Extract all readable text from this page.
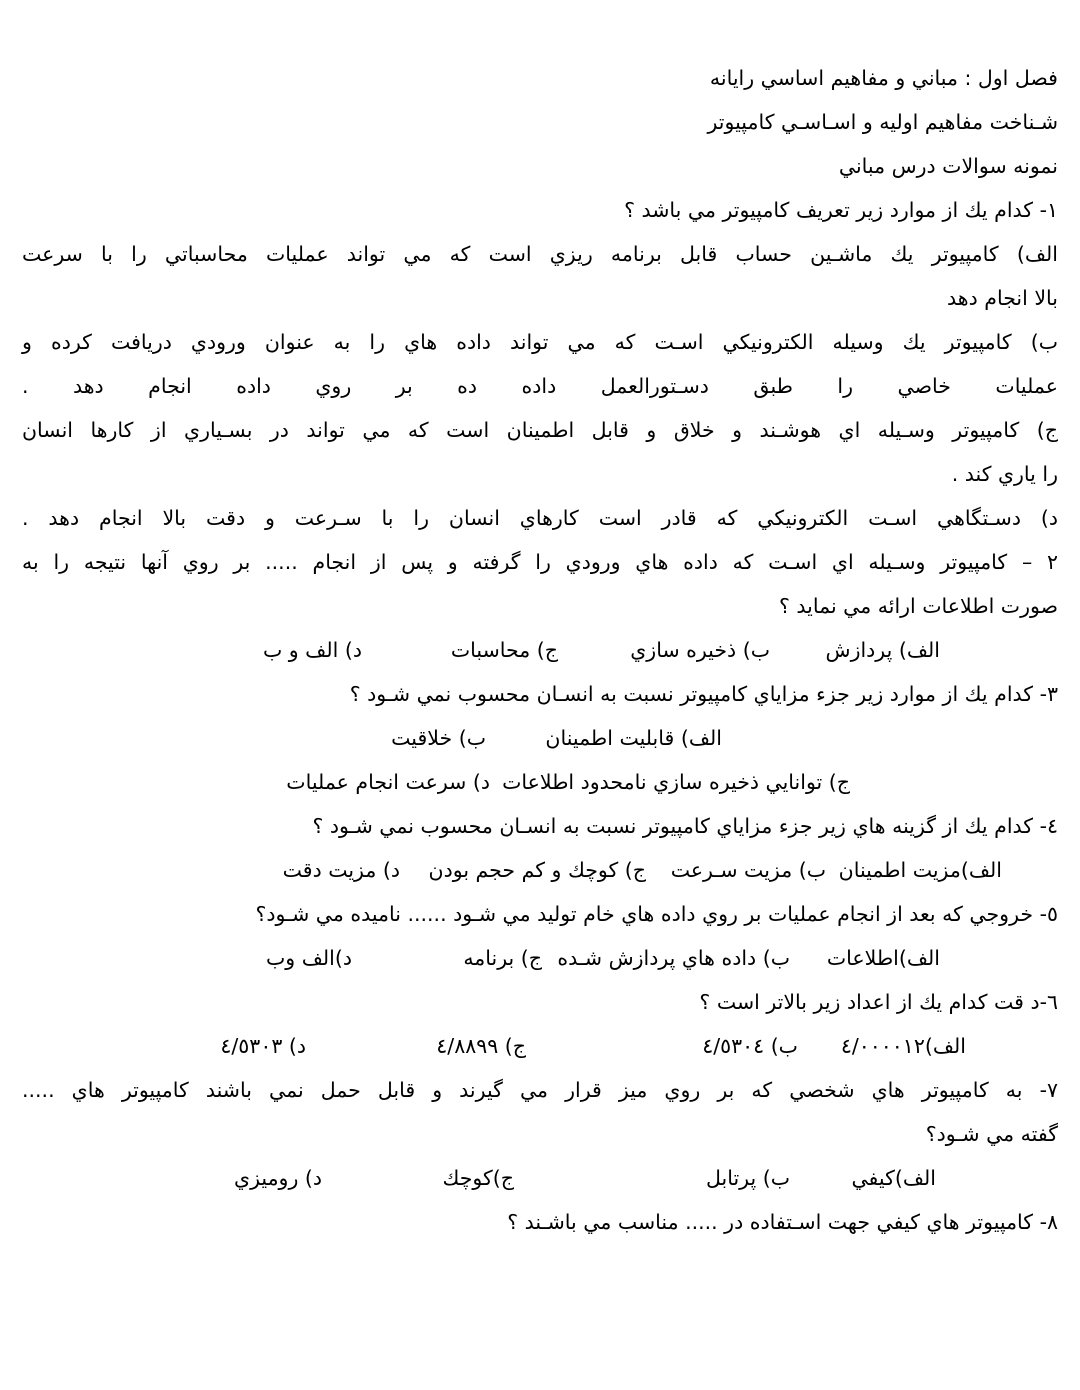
فصل اول : مباني و مفاهيم اساسي رايانه
شـناخت مفاهيم اوليه و اسـاسـي كامپيوتر
نمونه سوالات درس مباني
١- كدام يك از موارد زير تعريف كامپيوتر مي باشد ؟
الف) كامپيوتر يك ماشـين حساب قابل برنامه ريزي است كه مي تواند عمليات محاسباتي را با سرعت
بالا انجام دهد
ب) كامپيوتر يك وسيله الكترونيكي اسـت كه مي تواند داده هاي را به عنوان ورودي دريافت كرده و
عمليات خاصي را طبق دسـتورالعمل داده ده بر روي داده انجام دهد .
ج) كامپيوتر وسـيله اي هوشـند و خلاق و قابل اطمينان است كه مي تواند در بسـياري از كارها انسان
را ياري كند .
د) دسـتگاهي اسـت الكترونيكي كه قادر است كارهاي انسان را با سـرعت و دقت بالا انجام دهد .
٢ – كامپيوتر وسـيله اي اسـت كه داده هاي ورودي را گرفته و پس از انجام ..... بر روي آنها نتيجه را به
صورت اطلاعات ارائه مي نمايد ؟
الف) پردازش
ب) ذخيره سازي
ج) محاسبات
د) الف و ب
٣- كدام يك از موارد زير جزء مزاياي كامپيوتر نسبت به انسـان محسوب نمي شـود ؟
الف) قابليت اطمينان
ب) خلاقيت
ج) توانايي ذخيره سازي نامحدود اطلاعات
د) سرعت انجام عمليات
٤- كدام يك از گزينه هاي زير جزء مزاياي كامپيوتر نسبت به انسـان محسوب نمي شـود ؟
الف)مزيت اطمينان
ب) مزيت سـرعت
ج) كوچك و كم حجم بودن
د) مزيت دقت
٥- خروجي كه بعد از انجام عمليات بر روي داده هاي خام توليد مي شـود ...... ناميده مي شـود؟
الف)اطلاعات
ب) داده هاي پردازش شـده
ج) برنامه
د)الف وب
٦-د قت كدام يك از اعداد زير بالاتر است ؟
الف)٤/٠٠٠٠١٢
ب) ٤/٥٣٠٤
ج) ٤/٨٨٩٩
د) ٤/٥٣٠٣
٧- به كامپيوتر هاي شخصي كه بر روي ميز قرار مي گيرند و قابل حمل نمي باشند كامپيوتر هاي .....
گفته مي شـود؟
الف)كيفي
ب) پرتابل
ج)كوچك
د) روميزي
٨- كامپيوتر هاي كيفي جهت اسـتفاده در ..... مناسب مي باشـند ؟
